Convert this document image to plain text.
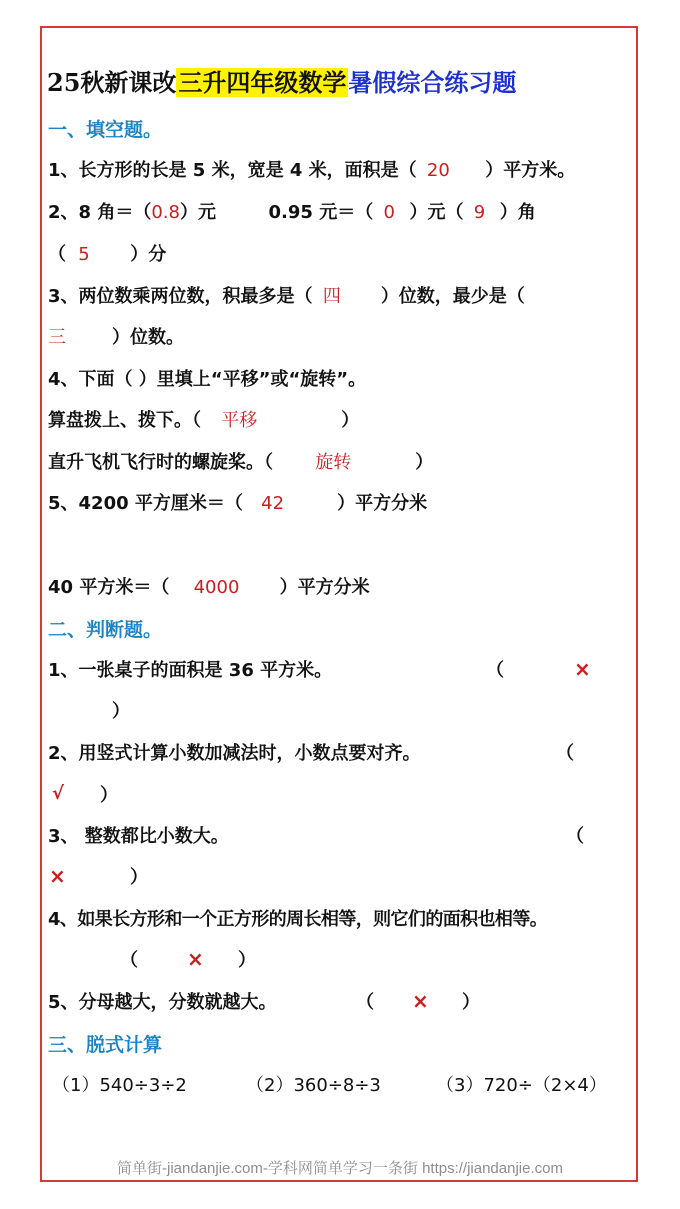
25秋新课改三升四年级数学暑假综合练习题
一、填空题。
1、长方形的长是 5 米，宽是 4 米，面积是（ 20 ）平方米。
2、8 角＝（0.8）元	0.95 元＝（ 0 ）元（ 9 ）角
（ 5 ）分
3、两位数乘两位数，积最多是（ 四 ）位数，最少是（
三	）位数。
4、下面（ ）里填上“平移”或“旋转”。
算盘拨上、拨下。（ 平移	）
直升飞机飞行时的螺旋桨。（ 旋转	）
5、4200 平方厘米＝（ 42	）平方分米
40 平方米＝（ 4000 ）平方分米
二、判断题。
1、一张桌子的面积是 36 平方米。	（	×
）
2、用竖式计算小数加减法时，小数点要对齐。	（
√ ）
3、 整数都比小数大。	（
×	）
4、如果长方形和一个正方形的周长相等，则它们的面积也相等。
（ × ）
5、分母越大，分数就越大。	（ × ）
三、脱式计算
（1）540÷3÷2	（2）360÷8÷3	（3）720÷（2×4）
简单街-jiandanjie.com-学科网简单学习一条街 https://jiandanjie.com
